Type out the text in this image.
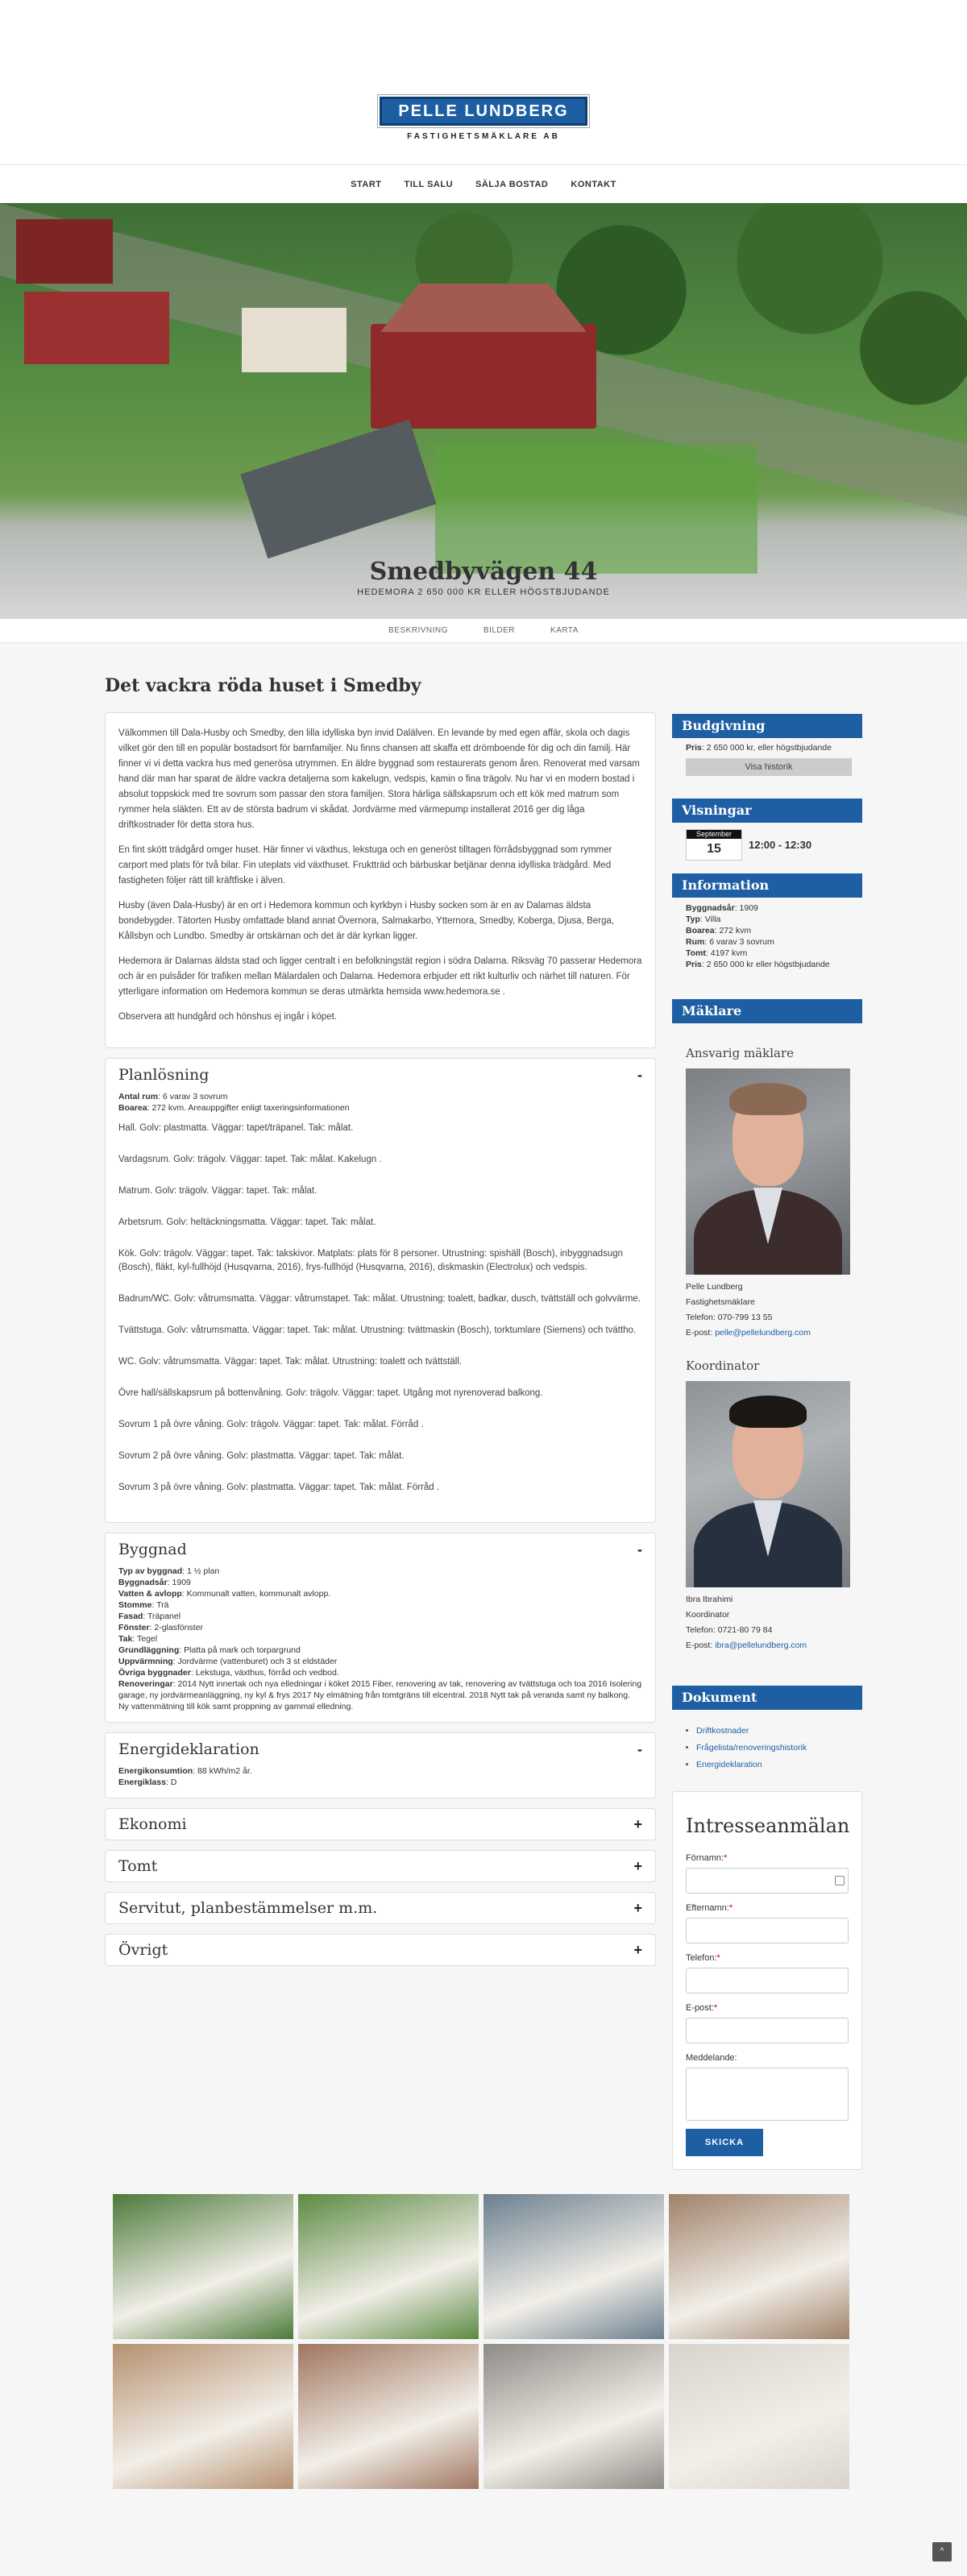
PELLE LUNDBERG
FASTIGHETSMÄKLARE AB
START	TILL SALU	SÄLJA BOSTAD	KONTAKT
Smedbyvägen 44
HEDEMORA 2 650 000 KR ELLER HÖGSTBJUDANDE
BESKRIVNING	BILDER	KARTA
Det vackra röda huset i Smedby

Välkommen till Dala-Husby och Smedby, den lilla idylliska byn invid Dalälven. En levande by med egen affär, skola och dagis vilket gör den till en populär bostadsort för barnfamiljer. Nu finns chansen att skaffa ett drömboende för dig och din familj. Här finner vi vi detta vackra hus med generösa utrymmen. En äldre byggnad som restaurerats genom åren. Renoverat med varsam hand där man har sparat de äldre vackra detaljerna som kakelugn, vedspis, kamin o fina trägolv. Nu har vi en modern bostad i absolut toppskick med tre sovrum som passar den stora familjen. Stora härliga sällskapsrum och ett kök med matrum som rymmer hela släkten. Ett av de största badrum vi skådat. Jordvärme med värmepump installerat 2016 ger dig låga driftkostnader för detta stora hus.

En fint skött trädgård omger huset. Här finner vi växthus, lekstuga och en generöst tilltagen förrådsbyggnad som rymmer carport med plats för två bilar. Fin uteplats vid växthuset. Fruktträd och bärbuskar betjänar denna idylliska trädgård. Med fastigheten följer rätt till kräftfiske i älven.

Husby (även Dala-Husby) är en ort i Hedemora kommun och kyrkbyn i Husby socken som är en av Dalarnas äldsta bondebygder. Tätorten Husby omfattade bland annat Övernora, Salmakarbo, Ytternora, Smedby, Koberga, Djusa, Berga, Kållsbyn och Lundbo. Smedby är ortskärnan och det är där kyrkan ligger.

Hedemora är Dalarnas äldsta stad och ligger centralt i en befolkningstät region i södra Dalarna. Riksväg 70 passerar Hedemora och är en pulsåder för trafiken mellan Mälardalen och Dalarna. Hedemora erbjuder ett rikt kulturliv och närhet till naturen. För ytterligare information om Hedemora kommun se deras utmärkta hemsida www.hedemora.se .

Observera att hundgård och hönshus ej ingår i köpet.

Planlösning	-
Antal rum: 6 varav 3 sovrum
Boarea: 272 kvm. Areauppgifter enligt taxeringsinformationen

Hall. Golv: plastmatta. Väggar: tapet/träpanel. Tak: målat.

Vardagsrum. Golv: trägolv. Väggar: tapet. Tak: målat. Kakelugn .

Matrum. Golv: trägolv. Väggar: tapet. Tak: målat.

Arbetsrum. Golv: heltäckningsmatta. Väggar: tapet. Tak: målat.

Kök. Golv: trägolv. Väggar: tapet. Tak: takskivor. Matplats: plats för 8 personer. Utrustning: spishäll (Bosch), inbyggnadsugn (Bosch), fläkt, kyl-fullhöjd (Husqvarna, 2016), frys-fullhöjd (Husqvarna, 2016), diskmaskin (Electrolux) och vedspis.

Badrum/WC. Golv: våtrumsmatta. Väggar: våtrumstapet. Tak: målat. Utrustning: toalett, badkar, dusch, tvättställ och golvvärme.

Tvättstuga. Golv: våtrumsmatta. Väggar: tapet. Tak: målat. Utrustning: tvättmaskin (Bosch), torktumlare (Siemens) och tvättho.

WC. Golv: våtrumsmatta. Väggar: tapet. Tak: målat. Utrustning: toalett och tvättställ.

Övre hall/sällskapsrum på bottenvåning. Golv: trägolv. Väggar: tapet. Utgång mot nyrenoverad balkong.

Sovrum 1 på övre våning. Golv: trägolv. Väggar: tapet. Tak: målat. Förråd .

Sovrum 2 på övre våning. Golv: plastmatta. Väggar: tapet. Tak: målat.

Sovrum 3 på övre våning. Golv: plastmatta. Väggar: tapet. Tak: målat. Förråd .

Byggnad	-
Typ av byggnad: 1 ½ plan
Byggnadsår: 1909
Vatten & avlopp: Kommunalt vatten, kommunalt avlopp.
Stomme: Trä
Fasad: Träpanel
Fönster: 2-glasfönster
Tak: Tegel
Grundläggning: Platta på mark och torpargrund
Uppvärmning: Jordvärme (vattenburet) och 3 st eldstäder
Övriga byggnader: Lekstuga, växthus, förråd och vedbod.
Renoveringar: 2014 Nytt innertak och nya elledningar i köket 2015 Fiber, renovering av tak, renovering av tvättstuga och toa 2016 Isolering garage, ny jordvärmeanläggning, ny kyl & frys 2017 Ny elmätning från tomtgräns till elcentral. 2018 Nytt tak på veranda samt ny balkong. Ny vattenmätning till kök samt proppning av gammal elledning.
Energideklaration	-
Energikonsumtion: 88 kWh/m2 år.
Energiklass: D
Ekonomi	+
Tomt	+
Servitut, planbestämmelser m.m.	+
Övrigt	+
Budgivning
Pris: 2 650 000 kr, eller högstbjudande
Visa historik
Visningar
September
15	12:00 - 12:30
Information
Byggnadsår: 1909
Typ: Villa
Boarea: 272 kvm
Rum: 6 varav 3 sovrum
Tomt: 4197 kvm
Pris: 2 650 000 kr eller högstbjudande
Mäklare
Ansvarig mäklare
Pelle Lundberg
Fastighetsmäklare
Telefon: 070-799 13 55
E-post: pelle@pellelundberg.com
Koordinator
Ibra Ibrahimi
Koordinator
Telefon: 0721-80 79 84
E-post: ibra@pellelundberg.com
Dokument
• Driftkostnader
• Frågelista/renoveringshistorik
• Energideklaration
Intresseanmälan
Förnamn:*
Efternamn:*
Telefon:*
E-post:*
Meddelande:
SKICKA
^
